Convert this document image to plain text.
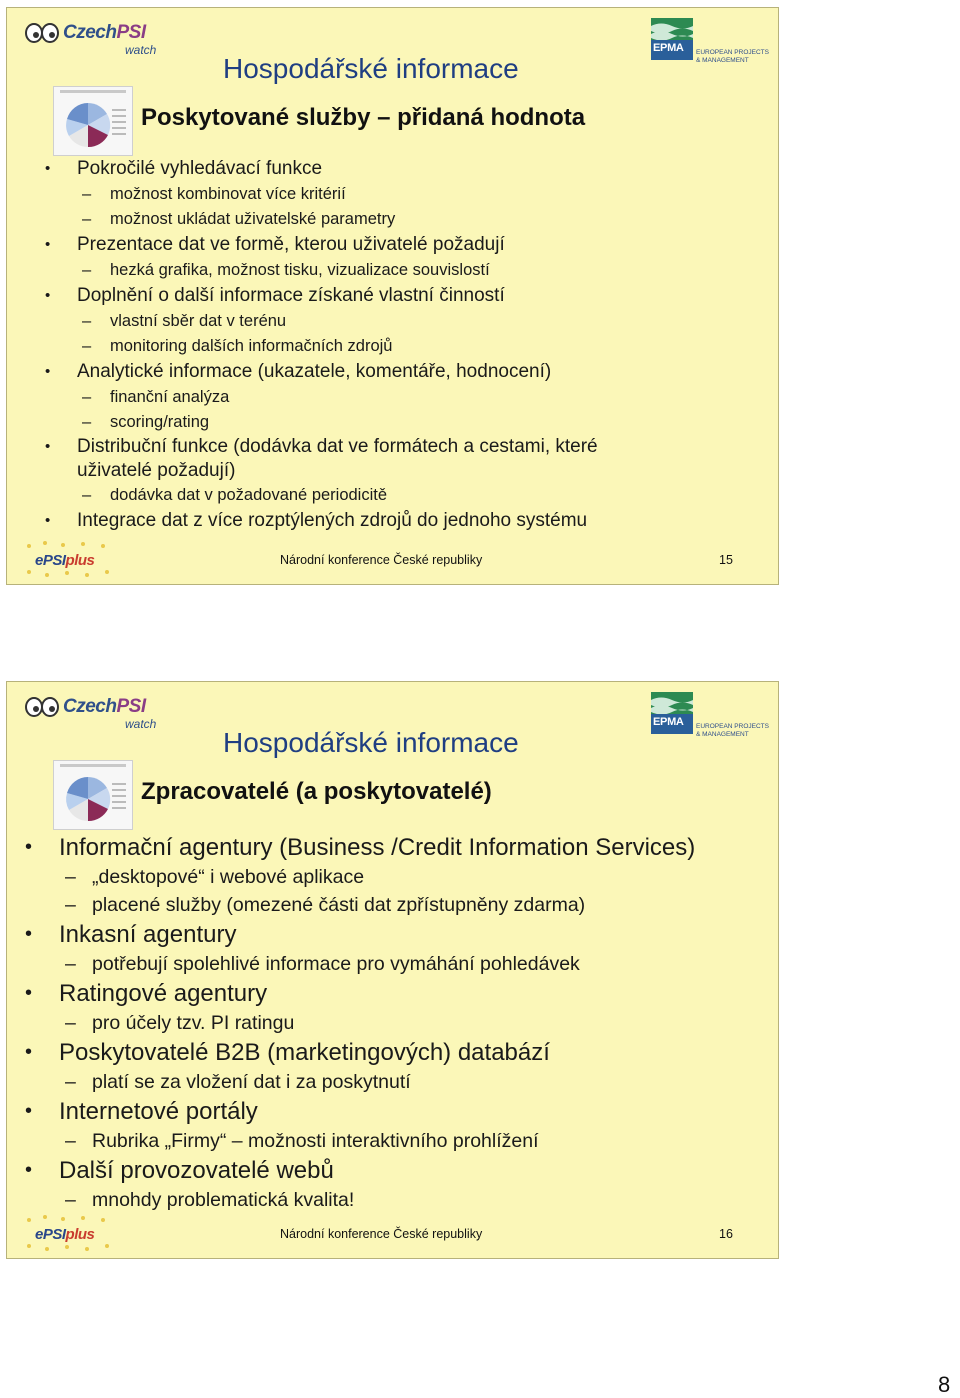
CzechPSI
watch	EPMA EUROPEAN PROJECTS
& MANAGEMENT
Hospodářské informace
Poskytované služby – přidaná hodnota
• Pokročilé vyhledávací funkce
– možnost kombinovat více kritérií
– možnost ukládat uživatelské parametry
• Prezentace dat ve formě, kterou uživatelé požadují
– hezká grafika, možnost tisku, vizualizace souvislostí
• Doplnění o další informace získané vlastní činností
– vlastní sběr dat v terénu
– monitoring dalších informačních zdrojů
• Analytické informace (ukazatele, komentáře, hodnocení)
– finanční analýza
– scoring/rating
• Distribuční funkce (dodávka dat ve formátech a cestami, které uživatelé požadují)
– dodávka dat v požadované periodicitě
• Integrace dat z více rozptýlených zdrojů do jednoho systému
ePSIplus	Národní konference České republiky	15
CzechPSI
watch	EPMA EUROPEAN PROJECTS
& MANAGEMENT
Hospodářské informace
Zpracovatelé (a poskytovatelé)
• Informační agentury (Business /Credit Information Services)
– „desktopové“ i webové aplikace
– placené služby (omezené části dat zpřístupněny zdarma)
• Inkasní agentury
– potřebují spolehlivé informace pro vymáhání pohledávek
• Ratingové agentury
– pro účely tzv. PI ratingu
• Poskytovatelé B2B (marketingových) databází
– platí se za vložení dat i za poskytnutí
• Internetové portály
– Rubrika „Firmy“ – možnosti interaktivního prohlížení
• Další provozovatelé webů
– mnohdy problematická kvalita!
ePSIplus	Národní konference České republiky	16
8
